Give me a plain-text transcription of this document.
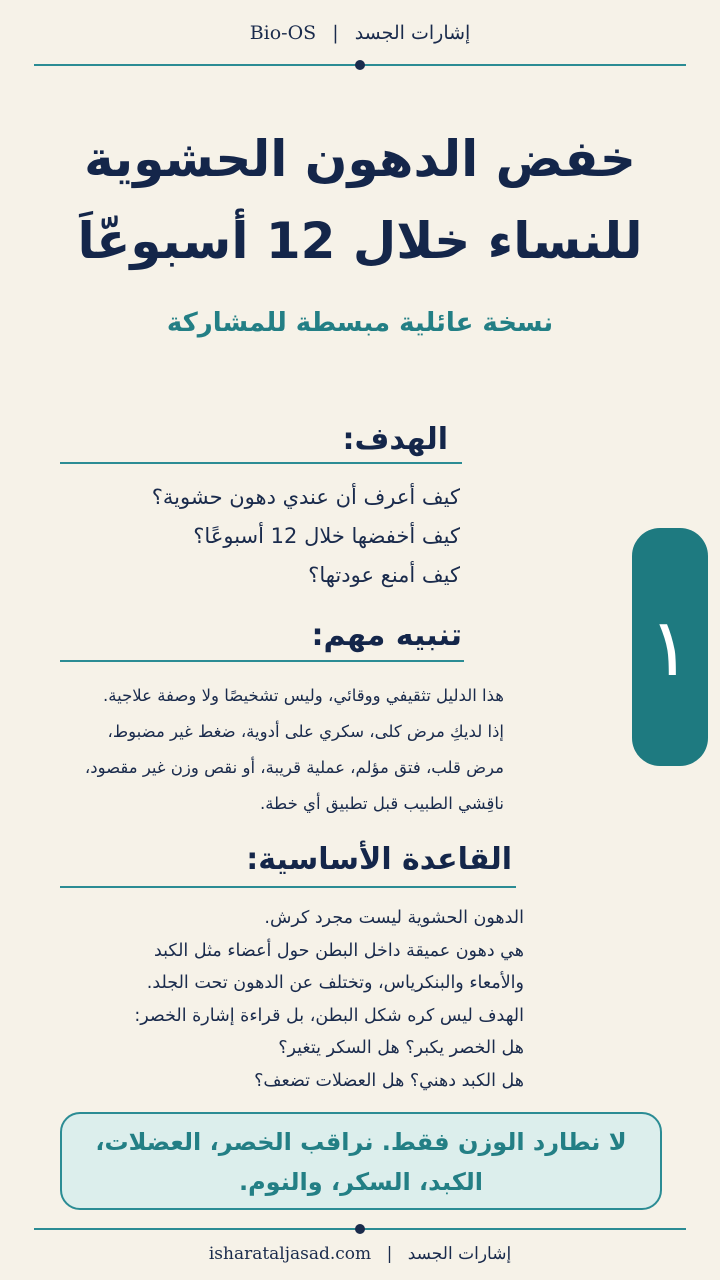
Bio-OS | إشارات الجسد
خفض الدهون الحشوية
للنساء خلال 12 أسبوعّاَ
نسخة عائلية مبسطة للمشاركة
الهدف:
كيف أعرف أن عندي دهون حشوية؟
كيف أخفضها خلال 12 أسبوعًا؟
كيف أمنع عودتها؟
تنبيه مهم:
هذا الدليل تثقيفي ووقائي، وليس تشخيصًا ولا وصفة علاجية.
إذا لديكِ مرض كلى، سكري على أدوية، ضغط غير مضبوط،
مرض قلب، فتق مؤلم، عملية قريبة، أو نقص وزن غير مقصود،
ناقِشي الطبيب قبل تطبيق أي خطة.
١
القاعدة الأساسية:
الدهون الحشوية ليست مجرد كرش.
هي دهون عميقة داخل البطن حول أعضاء مثل الكبد
والأمعاء والبنكرياس، وتختلف عن الدهون تحت الجلد.
الهدف ليس كره شكل البطن، بل قراءة إشارة الخصر:
هل الخصر يكبر؟ هل السكر يتغير؟
هل الكبد دهني؟ هل العضلات تضعف؟
لا نطارد الوزن فقط. نراقب الخصر، العضلات،
الكبد، السكر، والنوم.
isharataljasad.com | إشارات الجسد
